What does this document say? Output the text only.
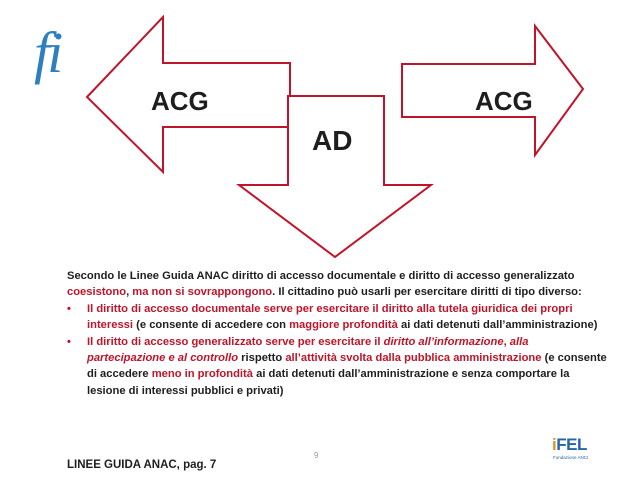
fi
ACG	ACG
AD
Secondo le Linee Guida ANAC diritto di accesso documentale e diritto di accesso generalizzato coesistono, ma non si sovrappongono. Il cittadino può usarli per esercitare diritti di tipo diverso:
• Il diritto di accesso documentale serve per esercitare il diritto alla tutela giuridica dei propri interessi (e consente di accedere con maggiore profondità ai dati detenuti dall’amministrazione)
• Il diritto di accesso generalizzato serve per esercitare il diritto all’informazione, alla partecipazione e al controllo rispetto all’attività svolta dalla pubblica amministrazione (e consente di accedere meno in profondità ai dati detenuti dall’amministrazione e senza comportare la lesione di interessi pubblici e privati)
9
LINEE GUIDA ANAC, pag. 7
iFEL
Fondazione ANCI
